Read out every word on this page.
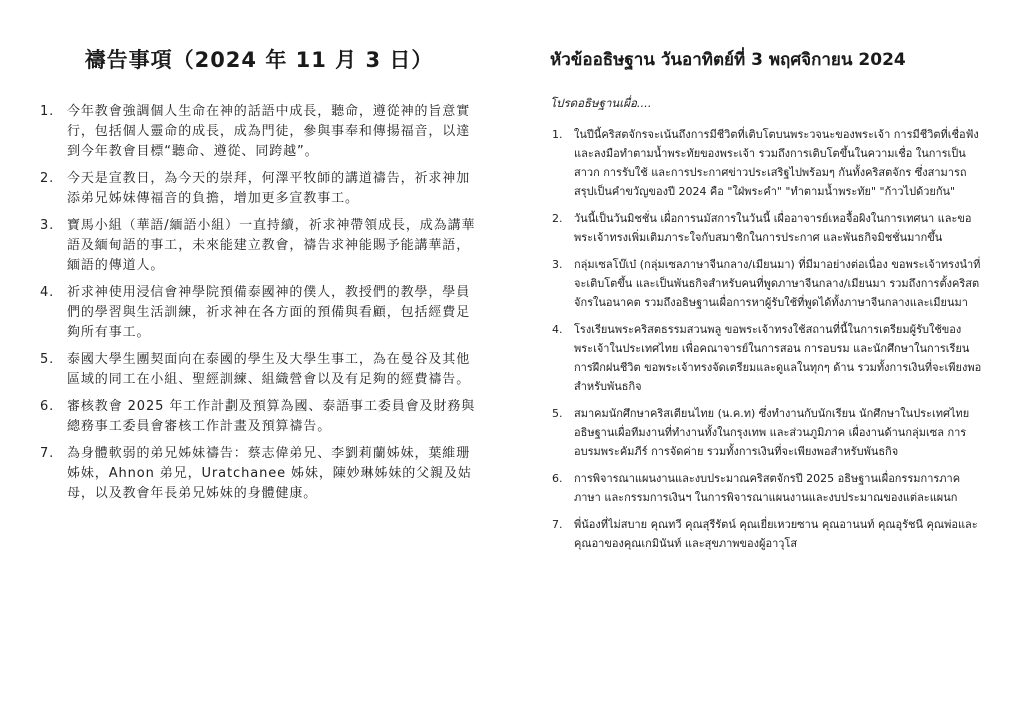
禱告事項（2024 年 11 月 3 日）
1. 今年教會強調個人生命在神的話語中成長，聽命，遵從神的旨意實行，包括個人靈命的成長，成為門徒，參與事奉和傳揚福音，以達到今年教會目標“聽命、遵從、同跨越”。
2. 今天是宣教日，為今天的崇拜，何澤平牧師的講道禱告，祈求神加添弟兄姊妹傳福音的負擔，增加更多宣教事工。
3. 寶馬小組（華語/緬語小組）一直持續，祈求神帶領成長，成為講華語及緬甸語的事工，未來能建立教會，禱告求神能賜予能講華語，緬語的傳道人。
4. 祈求神使用浸信會神學院預備泰國神的僕人，教授們的教學，學員們的學習與生活訓練，祈求神在各方面的預備與看顧，包括經費足夠所有事工。
5. 泰國大學生團契面向在泰國的學生及大學生事工，為在曼谷及其他區域的同工在小組、聖經訓練、組織營會以及有足夠的經費禱告。
6. 審核教會 2025 年工作計劃及預算為國、泰語事工委員會及財務與總務事工委員會審核工作計畫及預算禱告。
7. 為身體軟弱的弟兄姊妹禱告：蔡志偉弟兄、李劉莉蘭姊妹，葉維珊姊妹，Ahnon 弟兄，Uratchanee 姊妹，陳妙琳姊妹的父親及姑母，以及教會年長弟兄姊妹的身體健康。
หัวข้ออธิษฐาน วันอาทิตย์ที่ 3 พฤศจิกายน 2024

โปรดอธิษฐานเผื่อ....

1. ในปีนี้คริสตจักรจะเน้นถึงการมีชีวิตที่เติบโตบนพระวจนะของพระเจ้า การมีชีวิตที่เชื่อฟัง และลงมือทำตามน้ำพระทัยของพระเจ้า รวมถึงการเติบโตขึ้นในความเชื่อ ในการเป็นสาวก การรับใช้ และการประกาศข่าวประเสริฐไปพร้อมๆ กันทั้งคริสตจักร ซึ่งสามารถสรุปเป็นคำขวัญของปี 2024 คือ "ใฝ่พระคำ" "ทำตามน้ำพระทัย" "ก้าวไปด้วยกัน"
2. วันนี้เป็นวันมิชชั่น เผื่อการนมัสการในวันนี้ เผื่ออาจารย์เหอจื้อผิงในการเทศนา และขอพระเจ้าทรงเพิ่มเติมภาระใจกับสมาชิกในการประกาศ และพันธกิจมิชชั่นมากขึ้น
3. กลุ่มเซลโบ๊เบ๋ (กลุ่มเซลภาษาจีนกลาง/เมียนมา) ที่มีมาอย่างต่อเนื่อง ขอพระเจ้าทรงนำที่จะเติบโตขึ้น และเป็นพันธกิจสำหรับคนที่พูดภาษาจีนกลาง/เมียนมา รวมถึงการตั้งคริสตจักรในอนาคต รวมถึงอธิษฐานเผื่อการหาผู้รับใช้ที่พูดได้ทั้งภาษาจีนกลางและเมียนมา
4. โรงเรียนพระคริสตธรรมสวนพลู ขอพระเจ้าทรงใช้สถานที่นี้ในการเตรียมผู้รับใช้ของพระเจ้าในประเทศไทย เพื่อคณาจารย์ในการสอน การอบรม และนักศึกษาในการเรียน การฝึกฝนชีวิต ขอพระเจ้าทรงจัดเตรียมและดูแลในทุกๆ ด้าน รวมทั้งการเงินที่จะเพียงพอสำหรับพันธกิจ
5. สมาคมนักศึกษาคริสเตียนไทย (น.ค.ท) ซึ่งทำงานกับนักเรียน นักศึกษาในประเทศไทย อธิษฐานเผื่อทีมงานที่ทำงานทั้งในกรุงเทพ และส่วนภูมิภาค เผื่องานด้านกลุ่มเซล การอบรมพระคัมภีร์ การจัดค่าย รวมทั้งการเงินที่จะเพียงพอสำหรับพันธกิจ
6. การพิจารณาแผนงานและงบประมาณคริสตจักรปี 2025 อธิษฐานเผื่อกรรมการภาคภาษา และกรรมการเงินฯ ในการพิจารณาแผนงานและงบประมาณของแต่ละแผนก
7. พี่น้องที่ไม่สบาย คุณทวี คุณสุรีรัตน์ คุณเยี่ยเหวยซาน คุณอานนท์ คุณอุรัชนี คุณพ่อและคุณอาของคุณเกมินันท์ และสุขภาพของผู้อาวุโส
